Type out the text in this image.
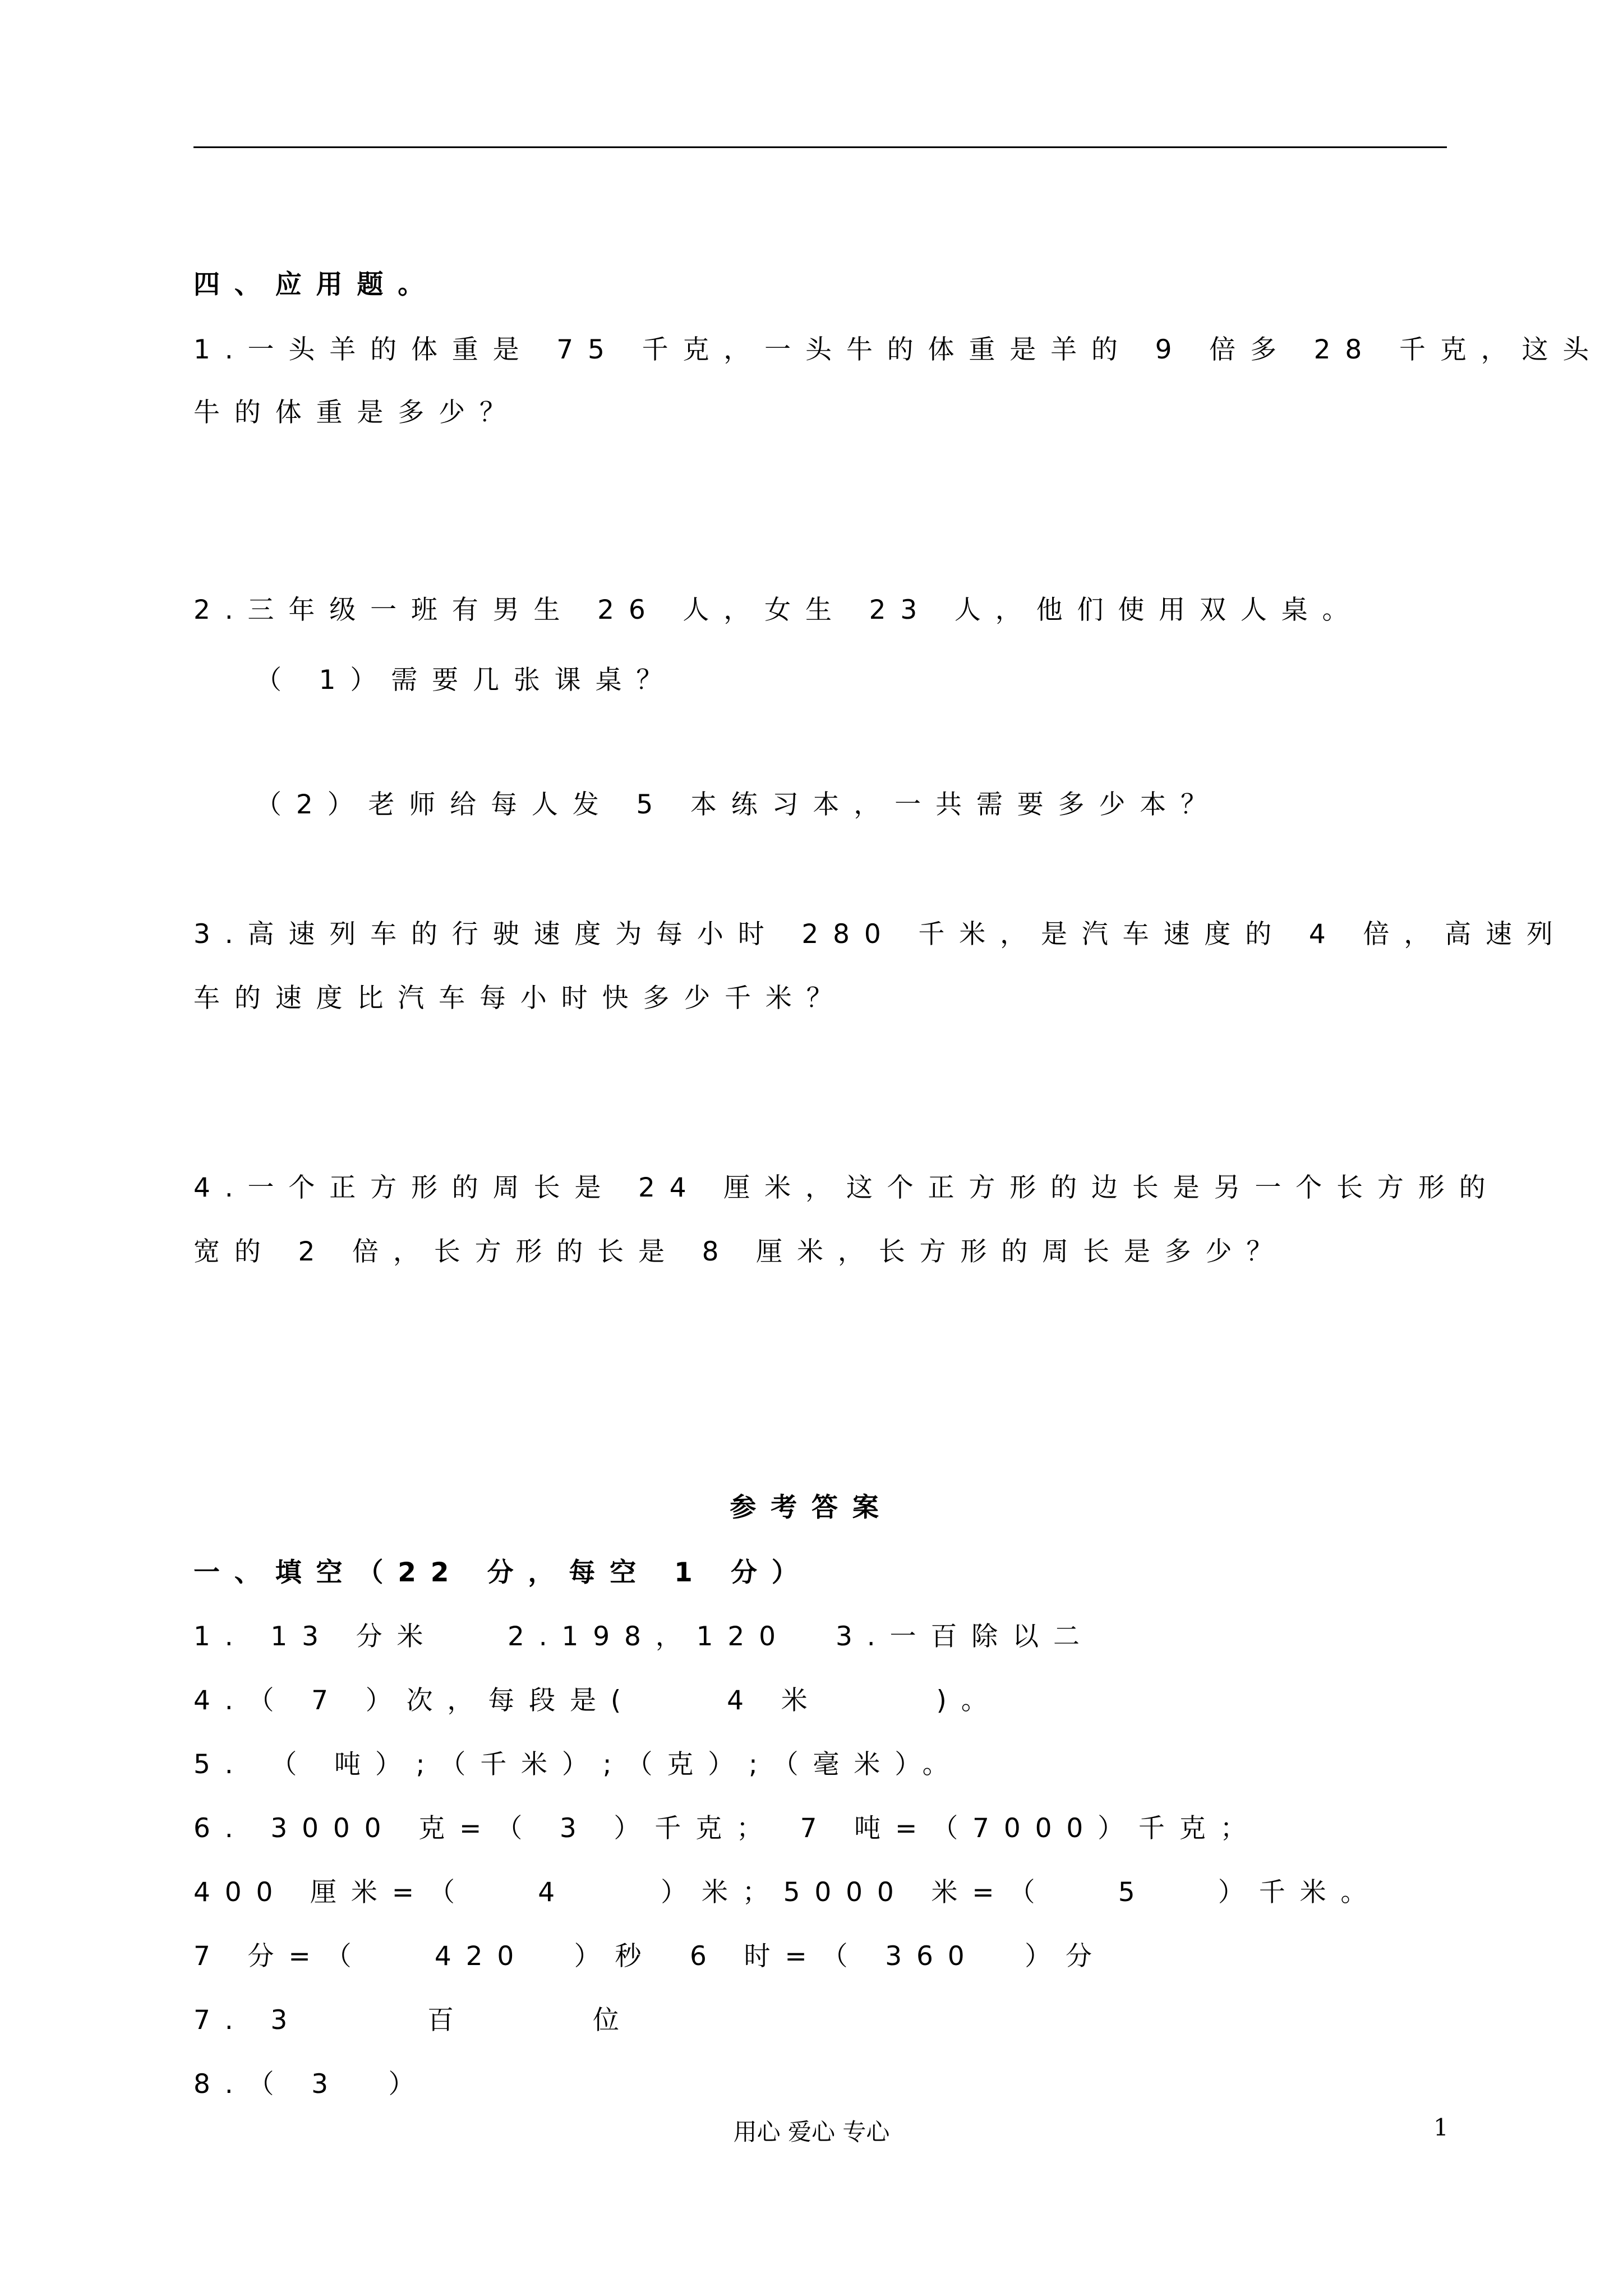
四、应用题。
1.一头羊的体重是 75 千克，一头牛的体重是羊的 9 倍多 28 千克，这头
牛的体重是多少？
2.三年级一班有男生 26 人，女生 23 人，他们使用双人桌。
（ 1）需要几张课桌？
（2）老师给每人发 5 本练习本，一共需要多少本？
3.高速列车的行驶速度为每小时 280 千米，是汽车速度的 4 倍，高速列
车的速度比汽车每小时快多少千米？
4.一个正方形的周长是 24 厘米，这个正方形的边长是另一个长方形的
宽的 2 倍，长方形的长是 8 厘米，长方形的周长是多少？
参考答案
一、填空（22 分，每空 1 分）
1. 13 分米	2.198，120 3.一百除以二
4.（ 7 ）次，每段是(    4 米     )。
5. （ 吨）;（千米）;（克）;（毫米）。
6. 3000 克=（ 3 ）千克； 7 吨=（7000）千克；
400 厘米=（   4    ）米；5000 米=（   5   ）千米。
7 分=（   420  ）秒 6 时=（ 360  ）分
7. 3	百	位
8.（ 3  ）
用心 爱心 专心	1
